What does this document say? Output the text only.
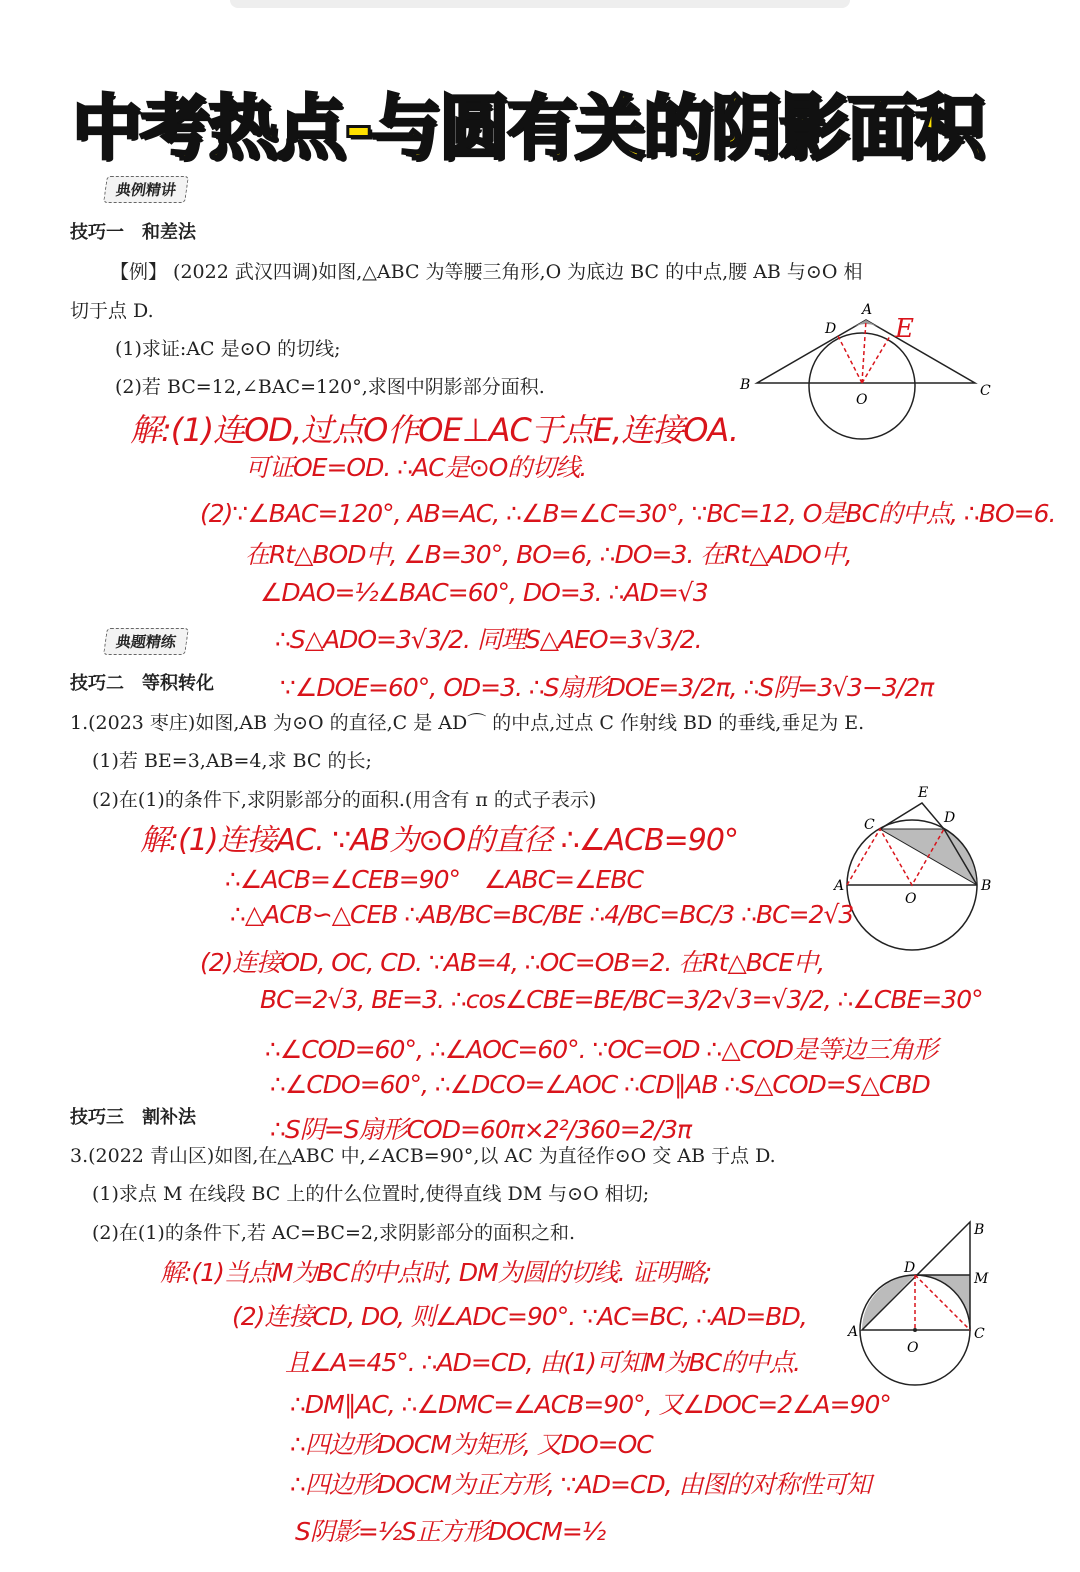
中考热点-与圆有关的阴影面积
典例精讲
技巧一　和差法
【例】 (2022 武汉四调)如图,△ABC 为等腰三角形,O 为底边 BC 的中点,腰 AB 与⊙O 相
切于点 D.
(1)求证:AC 是⊙O 的切线;
(2)若 BC=12,∠BAC=120°,求图中阴影部分面积.
A
D E
B
O
C
解:(1)连OD,过点O作OE⊥AC于点E,连接OA.
可证OE=OD. ∴AC是⊙O的切线.
(2)∵∠BAC=120°, AB=AC, ∴∠B=∠C=30°, ∵BC=12, O是BC的中点, ∴BO=6.
在Rt△BOD中, ∠B=30°, BO=6, ∴DO=3. 在Rt△ADO中,
∠DAO=½∠BAC=60°, DO=3. ∴AD=√3
∴S△ADO=3√3/2. 同理S△AEO=3√3/2.
∵∠DOE=60°, OD=3. ∴S扇形DOE=3/2π, ∴S阴=3√3−3/2π
典题精练
技巧二　等积转化
1.(2023 枣庄)如图,AB 为⊙O 的直径,C 是 AD⌒ 的中点,过点 C 作射线 BD 的垂线,垂足为 E.
(1)若 BE=3,AB=4,求 BC 的长;
(2)在(1)的条件下,求阴影部分的面积.(用含有 π 的式子表示)	E
D
C
A
O
B
解:(1)连接AC. ∵AB为⊙O的直径 ∴∠ACB=90°
∴∠ACB=∠CEB=90°　∠ABC=∠EBC
∴△ACB∽△CEB ∴AB/BC=BC/BE ∴4/BC=BC/3 ∴BC=2√3
(2)连接OD, OC, CD. ∵AB=4, ∴OC=OB=2. 在Rt△BCE中,
BC=2√3, BE=3. ∴cos∠CBE=BE/BC=3/2√3=√3/2, ∴∠CBE=30°
∴∠COD=60°, ∴∠AOC=60°. ∵OC=OD ∴△COD是等边三角形
∴∠CDO=60°, ∴∠DCO=∠AOC ∴CD∥AB ∴S△COD=S△CBD
∴S阴=S扇形COD=60π×2²/360=2/3π
技巧三　割补法
3.(2022 青山区)如图,在△ABC 中,∠ACB=90°,以 AC 为直径作⊙O 交 AB 于点 D.
(1)求点 M 在线段 BC 上的什么位置时,使得直线 DM 与⊙O 相切;
(2)在(1)的条件下,若 AC=BC=2,求阴影部分的面积之和.	B
D
M
A
O
C
解:(1)当点M为BC的中点时, DM为圆的切线. 证明略;
(2)连接CD, DO, 则∠ADC=90°. ∵AC=BC, ∴AD=BD,
且∠A=45°. ∴AD=CD, 由(1)可知M为BC的中点.
∴DM∥AC, ∴∠DMC=∠ACB=90°, 又∠DOC=2∠A=90°
∴四边形DOCM为矩形, 又DO=OC
∴四边形DOCM为正方形, ∵AD=CD, 由图的对称性可知
S阴影=½S正方形DOCM=½
